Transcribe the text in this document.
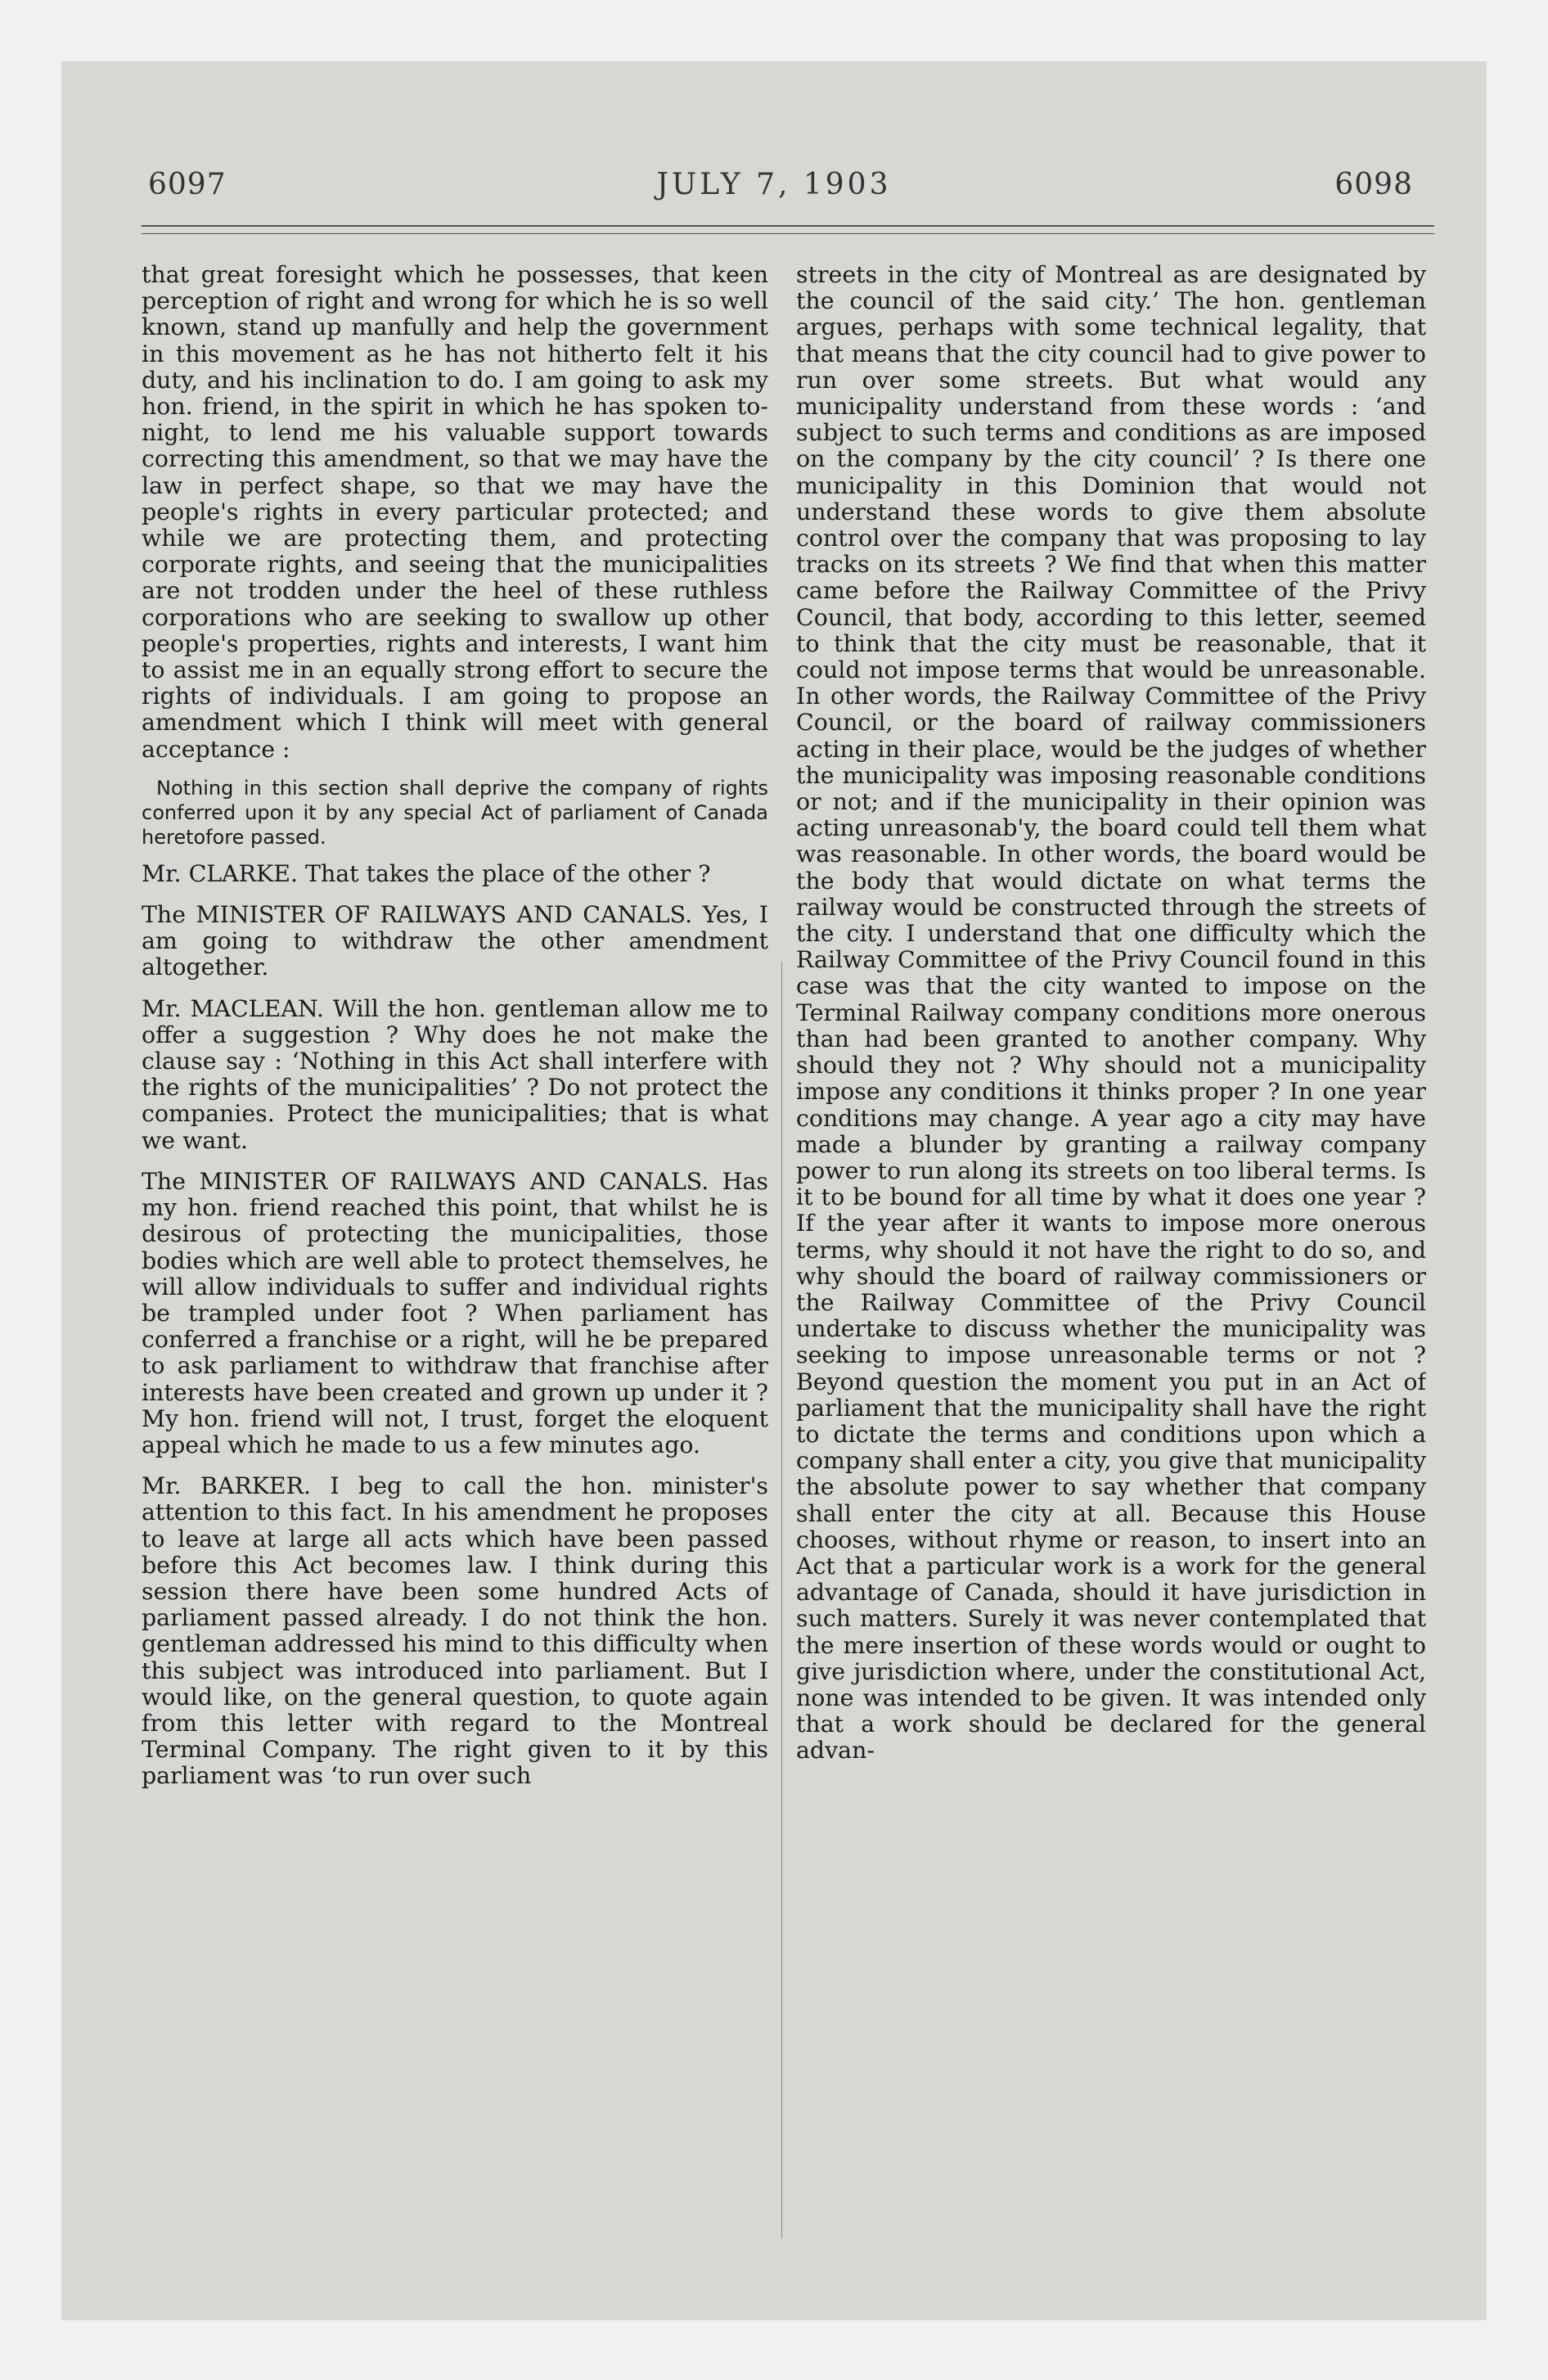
6097	JULY 7, 1903	6098

that great foresight which he possesses, that keen perception of right and wrong for which he is so well known, stand up manfully and help the government in this movement as he has not hitherto felt it his duty, and his inclination to do. I am going to ask my hon. friend, in the spirit in which he has spoken to-night, to lend me his valuable support towards correcting this amendment, so that we may have the law in perfect shape, so that we may have the people's rights in every particular protected; and while we are protecting them, and protecting corporate rights, and seeing that the municipalities are not trodden under the heel of these ruthless corporations who are seeking to swallow up other people's properties, rights and interests, I want him to assist me in an equally strong effort to secure the rights of individuals. I am going to propose an amendment which I think will meet with general acceptance :

Nothing in this section shall deprive the company of rights conferred upon it by any special Act of parliament of Canada heretofore passed.

Mr. CLARKE. That takes the place of the other ?

The MINISTER OF RAILWAYS AND CANALS. Yes, I am going to withdraw the other amendment altogether.

Mr. MACLEAN. Will the hon. gentleman allow me to offer a suggestion ? Why does he not make the clause say : ‘Nothing in this Act shall interfere with the rights of the municipalities’ ? Do not protect the companies. Protect the municipalities; that is what we want.

The MINISTER OF RAILWAYS AND CANALS. Has my hon. friend reached this point, that whilst he is desirous of protecting the municipalities, those bodies which are well able to protect themselves, he will allow individuals to suffer and individual rights be trampled under foot ? When parliament has conferred a franchise or a right, will he be prepared to ask parliament to withdraw that franchise after interests have been created and grown up under it ? My hon. friend will not, I trust, forget the eloquent appeal which he made to us a few minutes ago.

Mr. BARKER. I beg to call the hon. minister's attention to this fact. In his amendment he proposes to leave at large all acts which have been passed before this Act becomes law. I think during this session there have been some hundred Acts of parliament passed already. I do not think the hon. gentleman addressed his mind to this difficulty when this subject was introduced into parliament. But I would like, on the general question, to quote again from this letter with regard to the Montreal Terminal Company. The right given to it by this parliament was ‘to run over such

streets in the city of Montreal as are designated by the council of the said city.’ The hon. gentleman argues, perhaps with some technical legality, that that means that the city council had to give power to run over some streets. But what would any municipality understand from these words : ‘and subject to such terms and conditions as are imposed on the company by the city council’ ? Is there one municipality in this Dominion that would not understand these words to give them absolute control over the company that was proposing to lay tracks on its streets ? We find that when this matter came before the Railway Committee of the Privy Council, that body, according to this letter, seemed to think that the city must be reasonable, that it could not impose terms that would be unreasonable. In other words, the Railway Committee of the Privy Council, or the board of railway commissioners acting in their place, would be the judges of whether the municipality was imposing reasonable conditions or not; and if the municipality in their opinion was acting unreasonab'y, the board could tell them what was reasonable. In other words, the board would be the body that would dictate on what terms the railway would be constructed through the streets of the city. I understand that one difficulty which the Railway Committee of the Privy Council found in this case was that the city wanted to impose on the Terminal Railway company conditions more onerous than had been granted to another company. Why should they not ? Why should not a municipality impose any conditions it thinks proper ? In one year conditions may change. A year ago a city may have made a blunder by granting a railway company power to run along its streets on too liberal terms. Is it to be bound for all time by what it does one year ? If the year after it wants to impose more onerous terms, why should it not have the right to do so, and why should the board of railway commissioners or the Railway Committee of the Privy Council undertake to discuss whether the municipality was seeking to impose unreasonable terms or not ? Beyond question the moment you put in an Act of parliament that the municipality shall have the right to dictate the terms and conditions upon which a company shall enter a city, you give that municipality the absolute power to say whether that company shall enter the city at all. Because this House chooses, without rhyme or reason, to insert into an Act that a particular work is a work for the general advantage of Canada, should it have jurisdiction in such matters. Surely it was never contemplated that the mere insertion of these words would or ought to give jurisdiction where, under the constitutional Act, none was intended to be given. It was intended only that a work should be declared for the general advan-
